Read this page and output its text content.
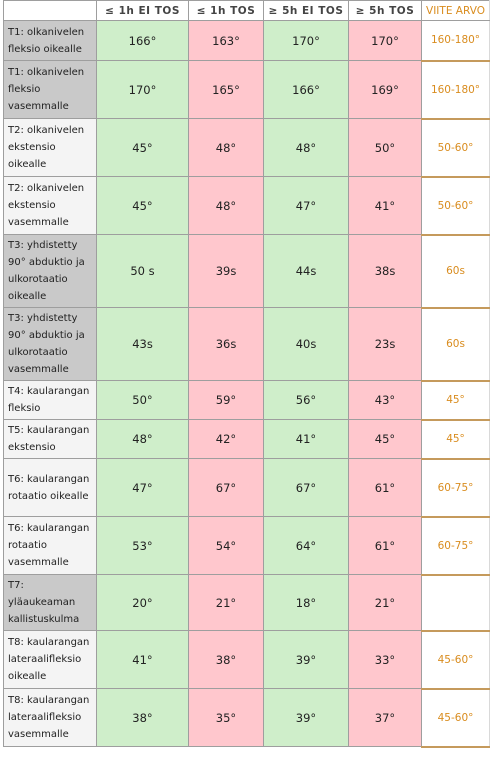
	≤ 1h EI TOS	≤ 1h TOS	≥ 5h EI TOS	≥ 5h TOS	VIITE ARVO
T1: olkanivelen fleksio oikealle	166°	163°	170°	170°	160-180°
T1: olkanivelen fleksio vasemmalle	170°	165°	166°	169°	160-180°
T2: olkanivelen ekstensio oikealle	45°	48°	48°	50°	50-60°
T2: olkanivelen ekstensio vasemmalle	45°	48°	47°	41°	50-60°
T3: yhdistetty 90° abduktio ja ulkorotaatio oikealle	50 s	39s	44s	38s	60s
T3: yhdistetty 90° abduktio ja ulkorotaatio vasemmalle	43s	36s	40s	23s	60s
T4: kaularangan fleksio	50°	59°	56°	43°	45°
T5: kaularangan ekstensio	48°	42°	41°	45°	45°
T6: kaularangan rotaatio oikealle	47°	67°	67°	61°	60-75°
T6: kaularangan rotaatio vasemmalle	53°	54°	64°	61°	60-75°
T7: yläaukeaman kallistuskulma	20°	21°	18°	21°	
T8: kaularangan lateraalifleksio oikealle	41°	38°	39°	33°	45-60°
T8: kaularangan lateraalifleksio vasemmalle	38°	35°	39°	37°	45-60°
